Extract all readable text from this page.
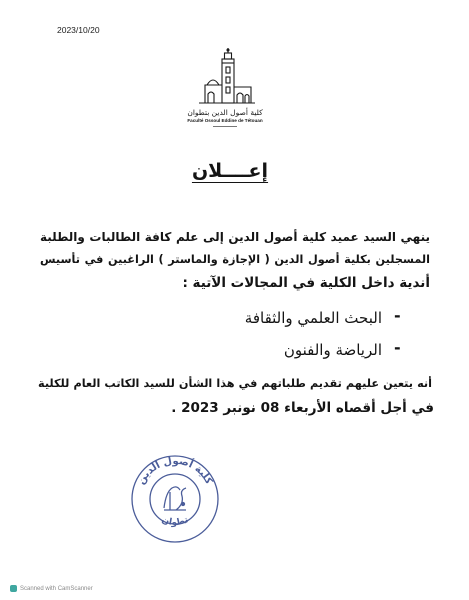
2023/10/20
كلية أصول الدين بتطوان
Faculté Ossoul Eddine de Tétouan
إعــــلان
ينهي السيد عميد كلية أصول الدين إلى علم كافة الطالبات والطلبة
المسجلين بكلية أصول الدين ( الإجازة والماستر ) الراغبين في تأسيس
أندية داخل الكلية في المجالات الآتية :
-
البحث العلمي والثقافة
-
الرياضة والفنون
أنه يتعين عليهم تقديم طلباتهم في هذا الشأن للسيد الكاتب العام للكلية
في أجل أقصاه الأربعاء 08 نونبر 2023 .
كلية أصول الدين
تطوان
Scanned with CamScanner
